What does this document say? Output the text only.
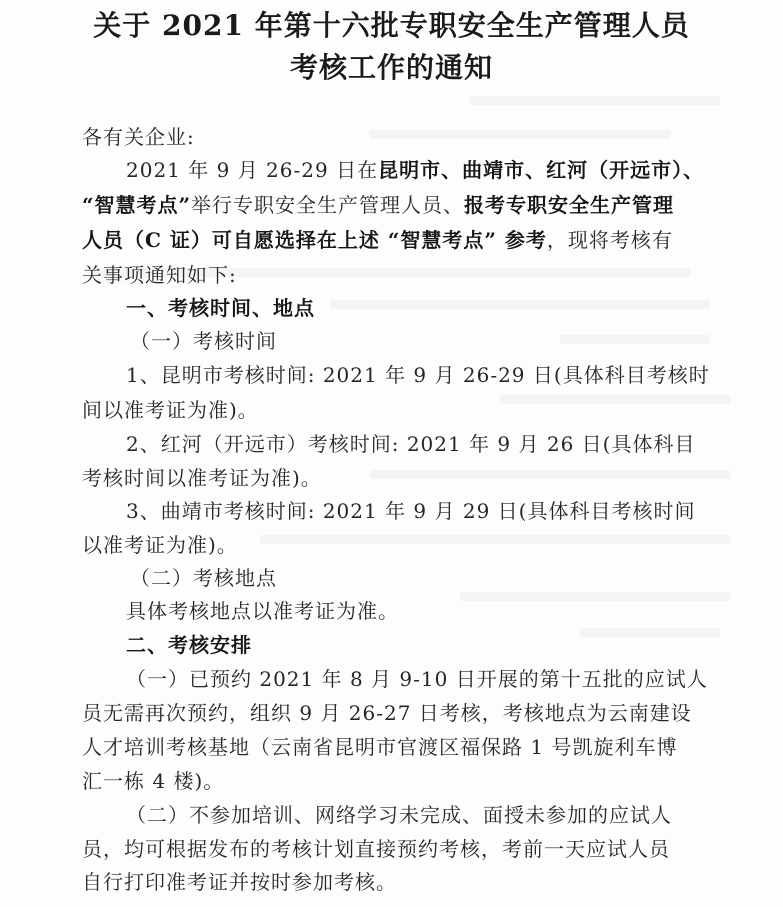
关于 2021 年第十六批专职安全生产管理人员
考核工作的通知
各有关企业:
2021 年 9 月 26-29 日在昆明市、曲靖市、红河（开远市）、
“智慧考点”举行专职安全生产管理人员、报考专职安全生产管理
人员（C 证）可自愿选择在上述 “智慧考点” 参考，现将考核有
关事项通知如下:
一、考核时间、地点
（一）考核时间
1、昆明市考核时间: 2021 年 9 月 26-29 日(具体科目考核时
间以准考证为准)。
2、红河（开远市）考核时间: 2021 年 9 月 26 日(具体科目
考核时间以准考证为准)。
3、曲靖市考核时间: 2021 年 9 月 29 日(具体科目考核时间
以准考证为准)。
（二）考核地点
具体考核地点以准考证为准。
二、考核安排
（一）已预约 2021 年 8 月 9-10 日开展的第十五批的应试人
员无需再次预约，组织 9 月 26-27 日考核，考核地点为云南建设
人才培训考核基地（云南省昆明市官渡区福保路 1 号凯旋利车博
汇一栋 4 楼)。
（二）不参加培训、网络学习未完成、面授未参加的应试人
员，均可根据发布的考核计划直接预约考核，考前一天应试人员
自行打印准考证并按时参加考核。
